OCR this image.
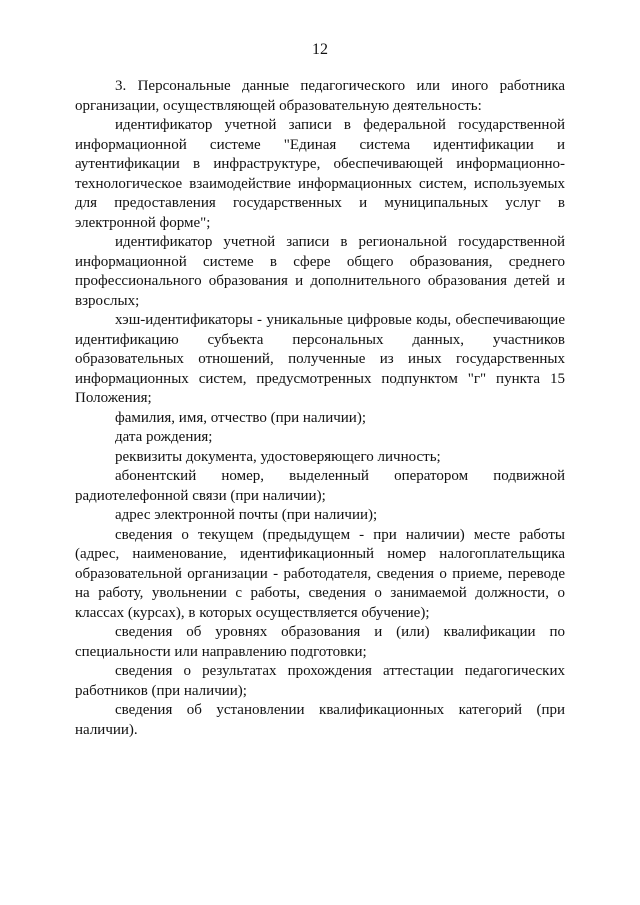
12

3. Персональные данные педагогического или иного работника организации, осуществляющей образовательную деятельность:

идентификатор учетной записи в федеральной государственной информационной системе "Единая система идентификации и аутентификации в инфраструктуре, обеспечивающей информационно-технологическое взаимодействие информационных систем, используемых для предоставления государственных и муниципальных услуг в электронной форме";

идентификатор учетной записи в региональной государственной информационной системе в сфере общего образования, среднего профессионального образования и дополнительного образования детей и взрослых;

хэш-идентификаторы - уникальные цифровые коды, обеспечивающие идентификацию субъекта персональных данных, участников образовательных отношений, полученные из иных государственных информационных систем, предусмотренных подпунктом "г" пункта 15 Положения;

фамилия, имя, отчество (при наличии);

дата рождения;

реквизиты документа, удостоверяющего личность;

абонентский номер, выделенный оператором подвижной радиотелефонной связи (при наличии);

адрес электронной почты (при наличии);

сведения о текущем (предыдущем - при наличии) месте работы (адрес, наименование, идентификационный номер налогоплательщика образовательной организации - работодателя, сведения о приеме, переводе на работу, увольнении с работы, сведения о занимаемой должности, о классах (курсах), в которых осуществляется обучение);

сведения об уровнях образования и (или) квалификации по специальности или направлению подготовки;

сведения о результатах прохождения аттестации педагогических работников (при наличии);

сведения об установлении квалификационных категорий (при наличии).
